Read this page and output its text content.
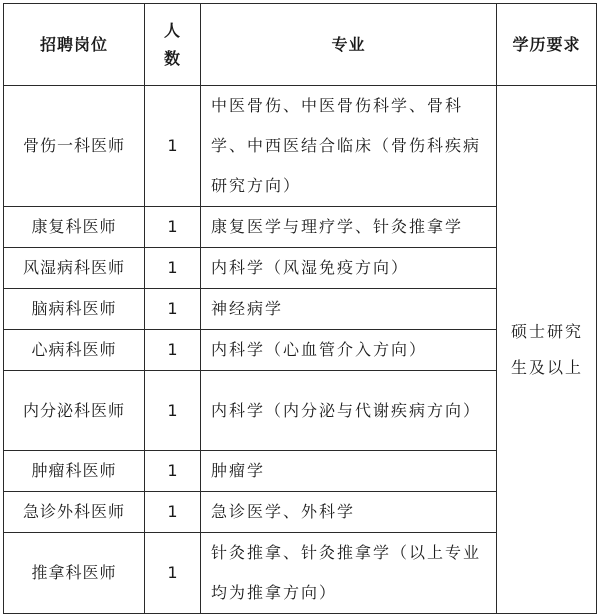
招聘岗位	人数	专业	学历要求
骨伤一科医师	1	中医骨伤、中医骨伤科学、骨科学、中西医结合临床（骨伤科疾病研究方向）	硕士研究生及以上
康复科医师	1	康复医学与理疗学、针灸推拿学	
风湿病科医师	1	内科学（风湿免疫方向）	
脑病科医师	1	神经病学	
心病科医师	1	内科学（心血管介入方向）	
内分泌科医师	1	内科学（内分泌与代谢疾病方向）	
肿瘤科医师	1	肿瘤学	
急诊外科医师	1	急诊医学、外科学	
推拿科医师	1	针灸推拿、针灸推拿学（以上专业均为推拿方向）	
